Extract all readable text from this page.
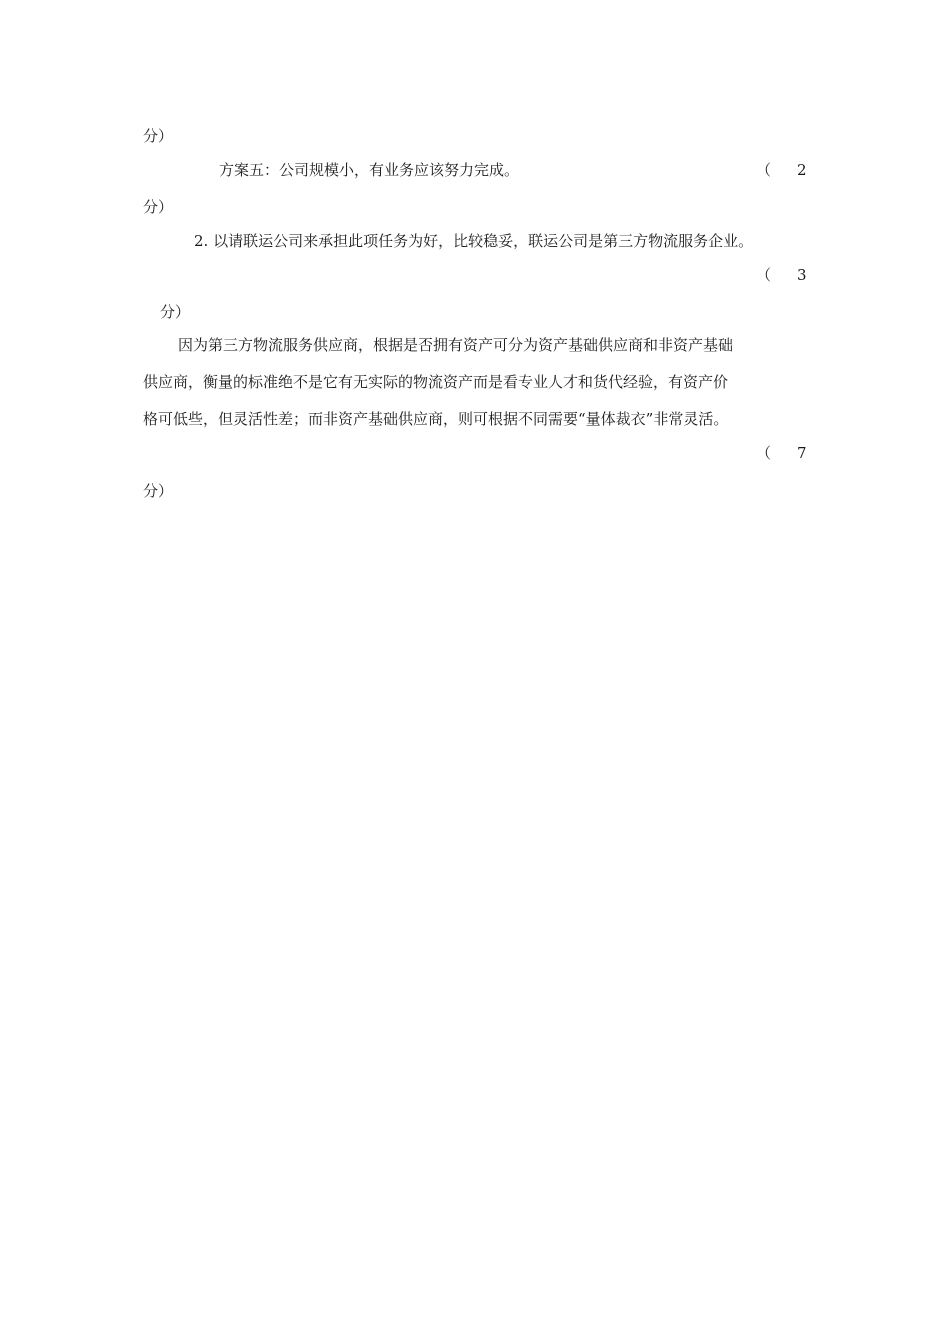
分）
方案五：公司规模小，有业务应该努力完成。	（ 2
分）
2. 以请联运公司来承担此项任务为好，比较稳妥，联运公司是第三方物流服务企业。
（ 3
分）
因为第三方物流服务供应商，根据是否拥有资产可分为资产基础供应商和非资产基础
供应商，衡量的标准绝不是它有无实际的物流资产而是看专业人才和货代经验，有资产价
格可低些，但灵活性差；而非资产基础供应商，则可根据不同需要“量体裁衣”非常灵活。
（ 7
分）
